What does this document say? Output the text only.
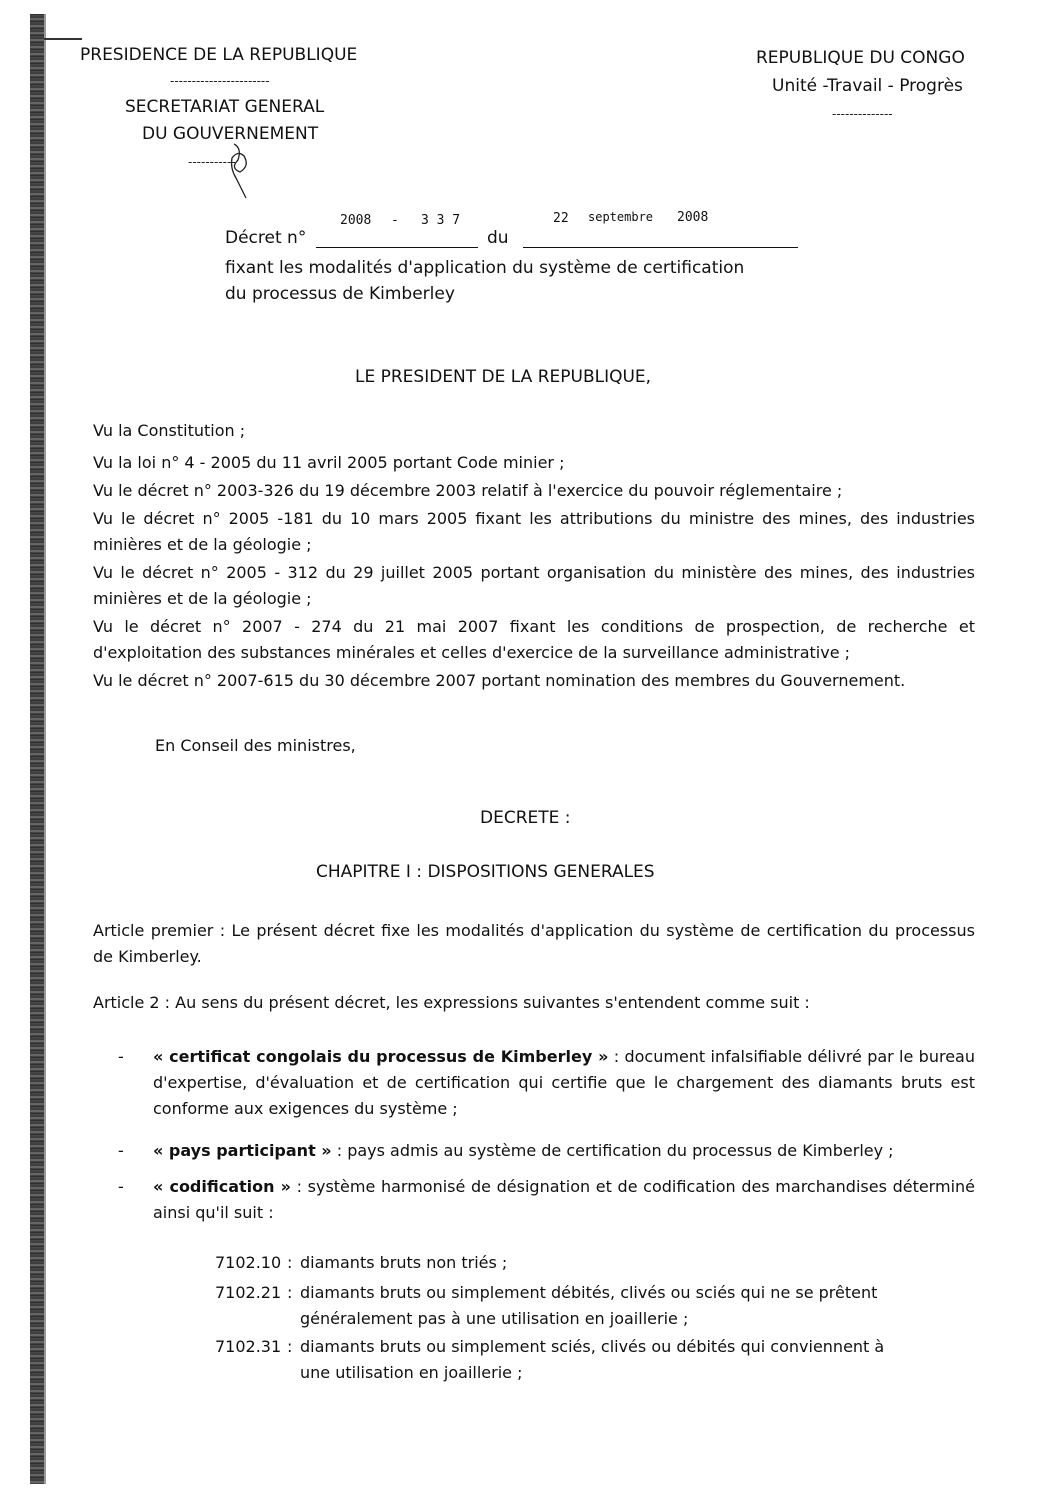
PRESIDENCE DE LA REPUBLIQUE
-----------------------
SECRETARIAT GENERAL
DU GOUVERNEMENT
-----------
REPUBLIQUE DU CONGO
Unité -Travail - Progrès
--------------
2008 - 3 3 7	22 septembre 2008
Décret n°	du
fixant les modalités d'application du système de certification
du processus de Kimberley
LE PRESIDENT DE LA REPUBLIQUE,

Vu la Constitution ;

Vu la loi n° 4 - 2005 du 11 avril 2005 portant Code minier ;

Vu le décret n° 2003-326 du 19 décembre 2003 relatif à l'exercice du pouvoir réglementaire ;

Vu le décret n° 2005 -181 du 10 mars 2005 fixant les attributions du ministre des mines, des industries minières et de la géologie ;

Vu le décret n° 2005 - 312 du 29 juillet 2005 portant organisation du ministère des mines, des industries minières et de la géologie ;

Vu le décret n° 2007 - 274 du 21 mai 2007 fixant les conditions de prospection, de recherche et d'exploitation des substances minérales et celles d'exercice de la surveillance administrative ;

Vu le décret n° 2007-615 du 30 décembre 2007 portant nomination des membres du Gouvernement.

En Conseil des ministres,
DECRETE :
CHAPITRE I : DISPOSITIONS GENERALES

Article premier : Le présent décret fixe les modalités d'application du système de certification du processus de Kimberley.

Article 2 : Au sens du présent décret, les expressions suivantes s'entendent comme suit :

- « certificat congolais du processus de Kimberley » : document infalsifiable délivré par le bureau d'expertise, d'évaluation et de certification qui certifie que le chargement des diamants bruts est conforme aux exigences du système ;

- « pays participant » : pays admis au système de certification du processus de Kimberley ;

- « codification » : système harmonisé de désignation et de codification des marchandises déterminé ainsi qu'il suit :

7102.10 : diamants bruts non triés ;

7102.21 : diamants bruts ou simplement débités, clivés ou sciés qui ne se prêtent généralement pas à une utilisation en joaillerie ;

7102.31 : diamants bruts ou simplement sciés, clivés ou débités qui conviennent à une utilisation en joaillerie ;
